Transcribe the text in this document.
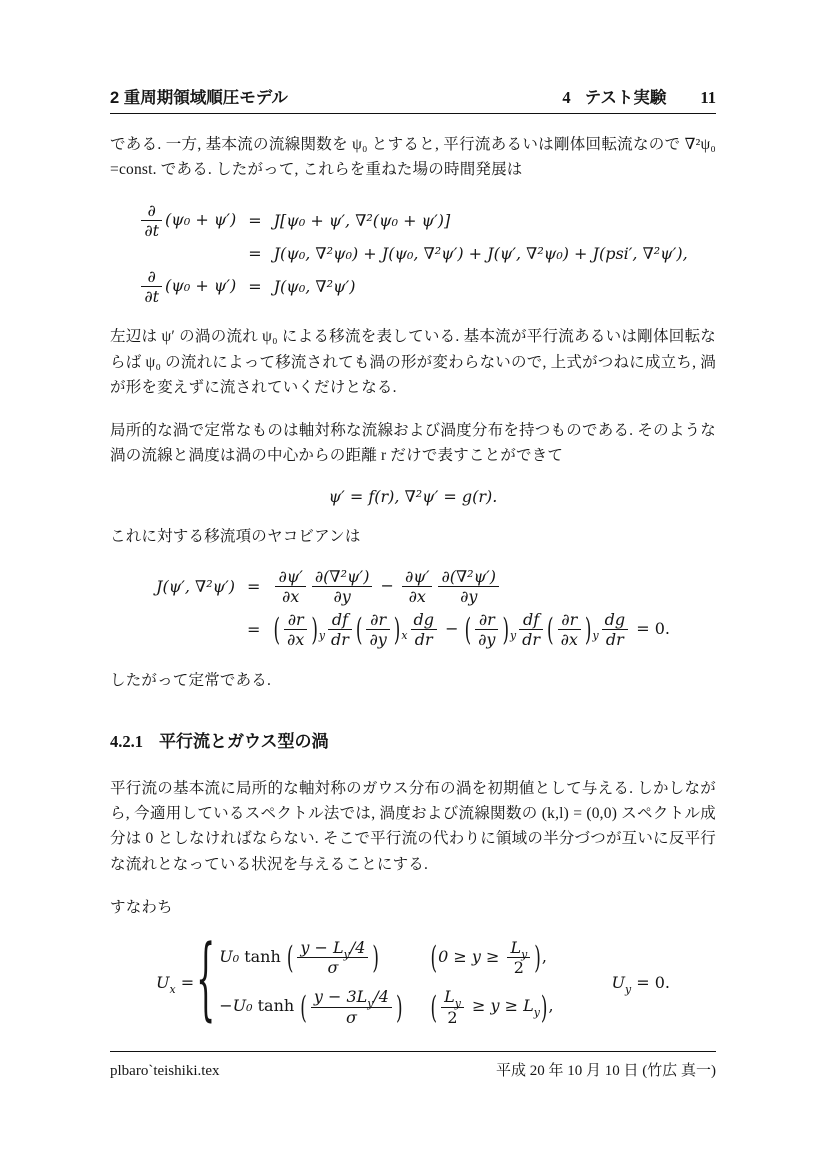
2 重周期領域順圧モデル	4 テスト実験 11

である. 一方, 基本流の流線関数を ψ₀ とすると, 平行流あるいは剛体回転流なので ∇²ψ₀ =const. である. したがって, これらを重ねた場の時間発展は

$\frac{\partial}{\partial t} (\psi_0 + \psi') = J[\psi_0 + \psi'$, ∇²(ψ₀ + ψ′)]
= J(ψ₀, ∇²ψ₀) + J(ψ₀, ∇²ψ′) + J(ψ′, ∇²ψ₀) + J(psi′, ∇²ψ′),
$\frac{\partial}{\partial t} (\psi_0 + \psi') = J(\psi_0$, ∇²ψ′)

左辺は ψ′ の渦の流れ ψ₀ による移流を表している. 基本流が平行流あるいは剛体回転ならば ψ₀ の流れによって移流されても渦の形が変わらないので, 上式がつねに成立ち, 渦が形を変えずに流されていくだけとなる.

局所的な渦で定常なものは軸対称な流線および渦度分布を持つものである. そのような渦の流線と渦度は渦の中心からの距離 r だけで表すことができて

ψ′ = f(r), ∇²ψ′ = g(r).

これに対する移流項のヤコビアンは

J(ψ′, $\nabla^2\psi') = \frac{\partial\psi'}{\partial x} \frac{\text{∂(∇²ψ′)}}{\partial y} - \frac{\partial\psi'}{\partial x} \frac{\text{∂(∇²ψ′)}}{\partial y}$
= ( $\frac{\partial r}{\partial x} )_y \frac{df}{dr}$ ( $\frac{\partial r}{\partial y} )_x \frac{dg}{dr}$ − ( $\frac{\partial r}{\partial y} )_y \frac{df}{dr}$ ( $\frac{\partial r}{\partial x} )_y \frac{dg}{dr} = 0$.

したがって定常である.

4.2.1 平行流とガウス型の渦

平行流の基本流に局所的な軸対称のガウス分布の渦を初期値として与える. しかしながら, 今適用しているスペクトル法では, 渦度および流線関数の (k,l) = (0,0) スペクトル成分は 0 としなければならない. そこで平行流の代わりに領域の半分づつが互いに反平行な流れとなっている状況を与えることにする.

すなわち

$U_x$ = { U₀ tanh ( $\frac{y - L_y/4}{\sigma}$ )	($0 \ge y \ge \frac{L_y}{2}$ ),
−U₀ tanh ( $\frac{y - 3L_y/4}{\sigma}$ ) ( $\frac{L_y}{2} \ge y \ge L_y$),
$U_y = 0$.
plbaro`teishiki.tex	平成 20 年 10 月 10 日 (竹広 真一)
